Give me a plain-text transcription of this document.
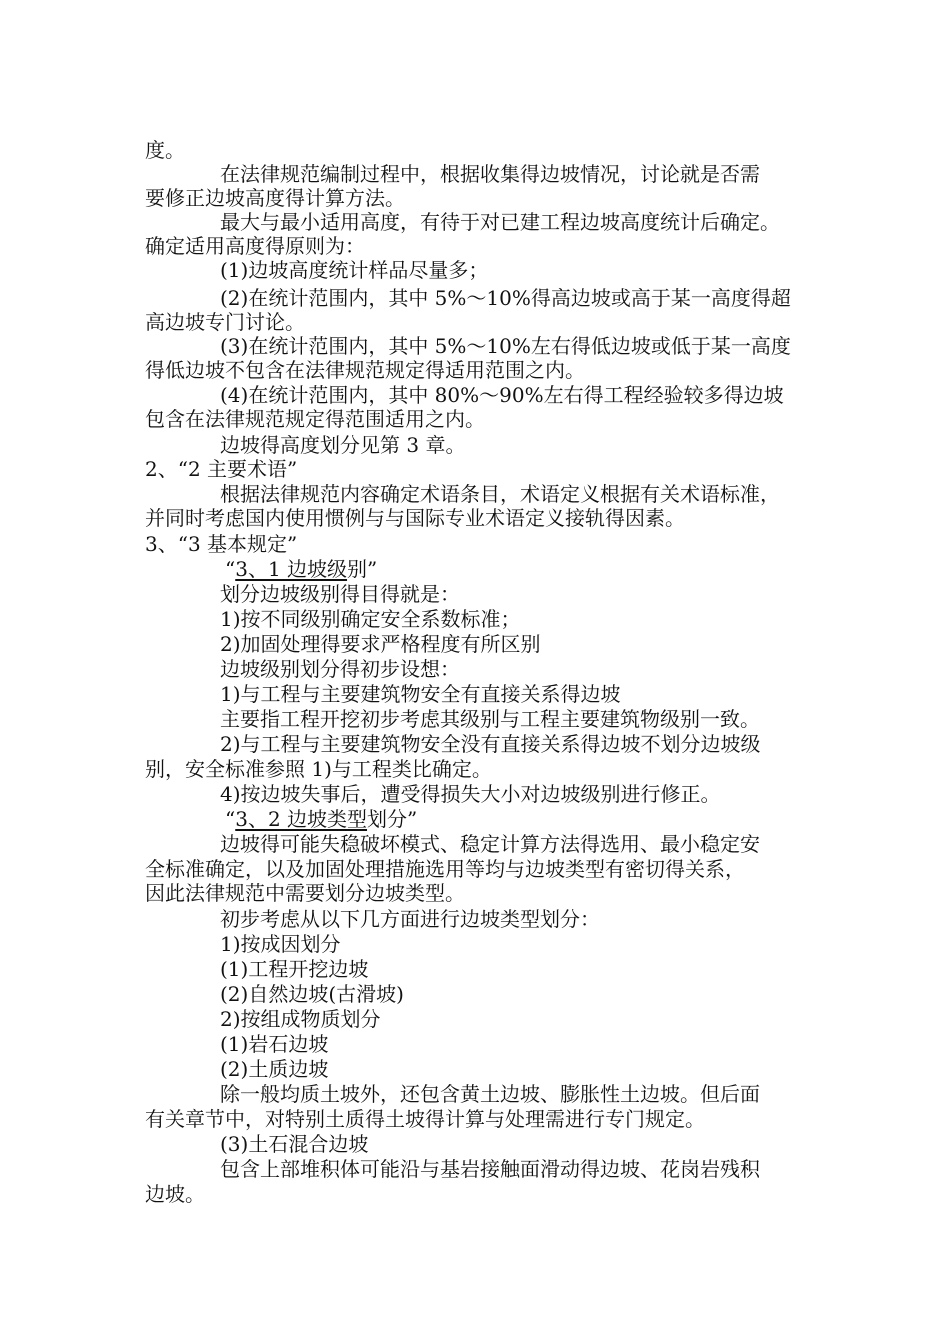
度。
在法律规范编制过程中，根据收集得边坡情况，讨论就是否需
要修正边坡高度得计算方法。
最大与最小适用高度，有待于对已建工程边坡高度统计后确定。
确定适用高度得原则为：
(1)边坡高度统计样品尽量多；
(2)在统计范围内，其中 5%～10%得高边坡或高于某一高度得超
高边坡专门讨论。
(3)在统计范围内，其中 5%～10%左右得低边坡或低于某一高度
得低边坡不包含在法律规范规定得适用范围之内。
(4)在统计范围内，其中 80%～90%左右得工程经验较多得边坡
包含在法律规范规定得范围适用之内。
边坡得高度划分见第 3 章。
2、“2 主要术语”
根据法律规范内容确定术语条目，术语定义根据有关术语标准，
并同时考虑国内使用惯例与与国际专业术语定义接轨得因素。
3、“3 基本规定”
“3、1 边坡级别”
划分边坡级别得目得就是：
1)按不同级别确定安全系数标准；
2)加固处理得要求严格程度有所区别
边坡级别划分得初步设想：
1)与工程与主要建筑物安全有直接关系得边坡
主要指工程开挖初步考虑其级别与工程主要建筑物级别一致。
2)与工程与主要建筑物安全没有直接关系得边坡不划分边坡级
别，安全标准参照 1)与工程类比确定。
4)按边坡失事后，遭受得损失大小对边坡级别进行修正。
“3、2 边坡类型划分”
边坡得可能失稳破坏模式、稳定计算方法得选用、最小稳定安
全标准确定，以及加固处理措施选用等均与边坡类型有密切得关系，
因此法律规范中需要划分边坡类型。
初步考虑从以下几方面进行边坡类型划分：
1)按成因划分
(1)工程开挖边坡
(2)自然边坡(古滑坡)
2)按组成物质划分
(1)岩石边坡
(2)土质边坡
除一般均质土坡外，还包含黄土边坡、膨胀性土边坡。但后面
有关章节中，对特别土质得土坡得计算与处理需进行专门规定。
(3)土石混合边坡
包含上部堆积体可能沿与基岩接触面滑动得边坡、花岗岩残积
边坡。
